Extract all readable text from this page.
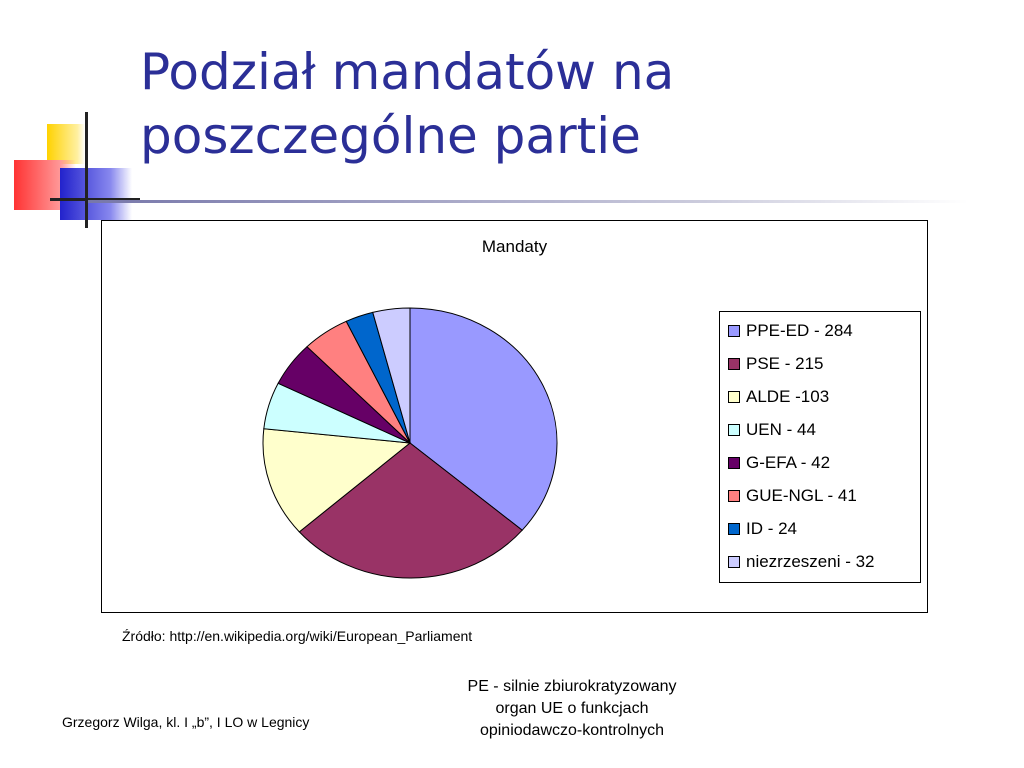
Podział mandatów na
poszczególne partie
Mandaty
PPE-ED - 284
PSE - 215
ALDE -103
UEN - 44
G-EFA - 42
GUE-NGL - 41
ID - 24
niezrzeszeni - 32
Źródło: http://en.wikipedia.org/wiki/European_Parliament
Grzegorz Wilga, kl. I „b”, I LO w Legnicy
PE - silnie zbiurokratyzowany
organ UE o funkcjach
opiniodawczo-kontrolnych
